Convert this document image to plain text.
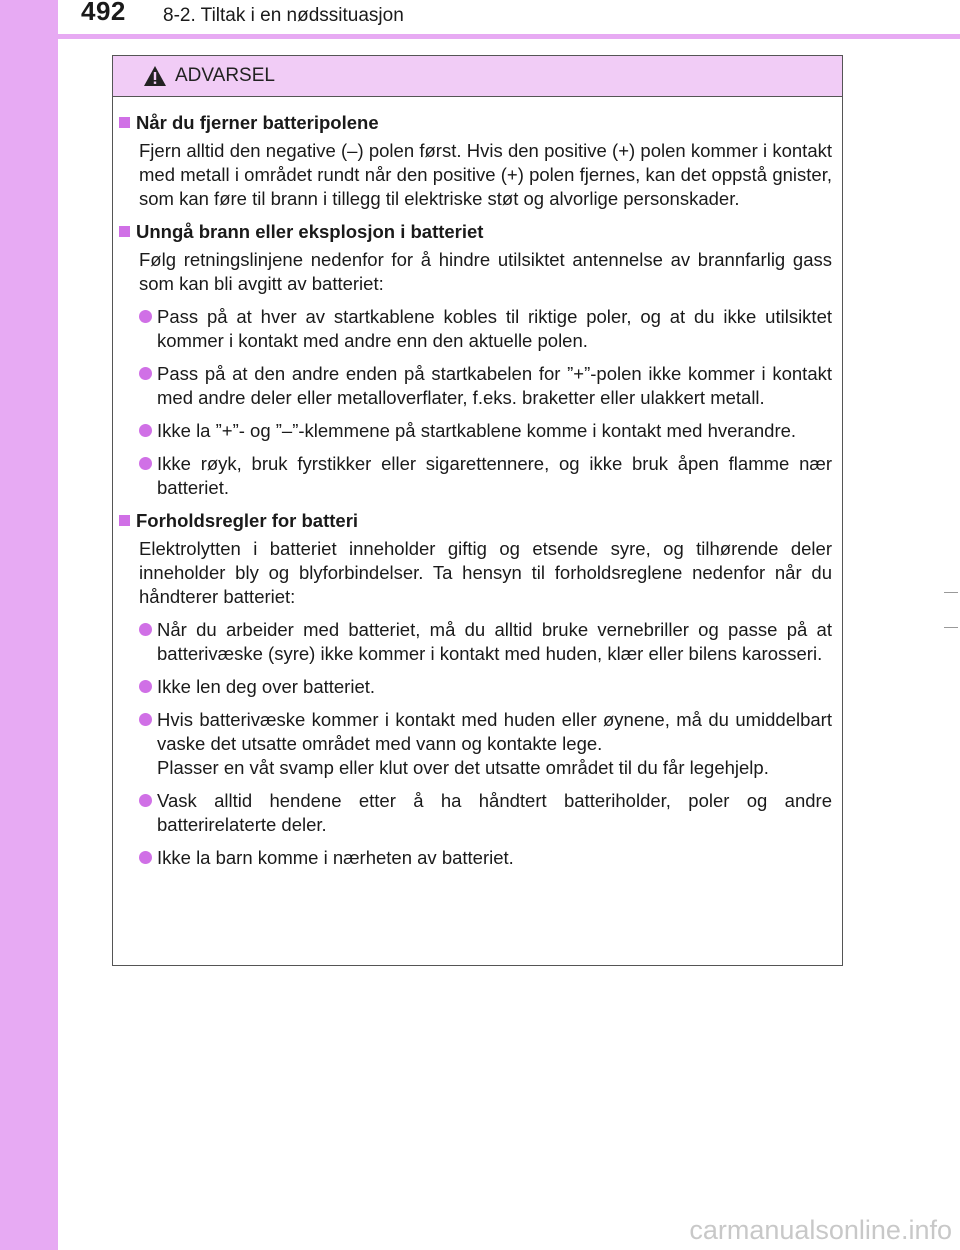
492 8-2. Tiltak i en nødssituasjon
ADVARSEL
Når du fjerner batteripolene
Fjern alltid den negative (–) polen først. Hvis den positive (+) polen kommer i kontakt med metall i området rundt når den positive (+) polen fjernes, kan det oppstå gnister, som kan føre til brann i tillegg til elektriske støt og alvorlige personskader.
Unngå brann eller eksplosjon i batteriet
Følg retningslinjene nedenfor for å hindre utilsiktet antennelse av brannfarlig gass som kan bli avgitt av batteriet:
Pass på at hver av startkablene kobles til riktige poler, og at du ikke utilsiktet kommer i kontakt med andre enn den aktuelle polen.
Pass på at den andre enden på startkabelen for ”+”-polen ikke kommer i kontakt med andre deler eller metalloverflater, f.eks. braketter eller ulakkert metall.
Ikke la ”+”- og ”–”-klemmene på startkablene komme i kontakt med hverandre.
Ikke røyk, bruk fyrstikker eller sigarettennere, og ikke bruk åpen flamme nær batteriet.
Forholdsregler for batteri
Elektrolytten i batteriet inneholder giftig og etsende syre, og tilhørende deler inneholder bly og blyforbindelser. Ta hensyn til forholdsreglene nedenfor når du håndterer batteriet:
Når du arbeider med batteriet, må du alltid bruke vernebriller og passe på at batterivæske (syre) ikke kommer i kontakt med huden, klær eller bilens karosseri.
Ikke len deg over batteriet.
Hvis batterivæske kommer i kontakt med huden eller øynene, må du umiddelbart vaske det utsatte området med vann og kontakte lege.
Plasser en våt svamp eller klut over det utsatte området til du får legehjelp.
Vask alltid hendene etter å ha håndtert batteriholder, poler og andre batterirelaterte deler.
Ikke la barn komme i nærheten av batteriet.
carmanualsonline.info
